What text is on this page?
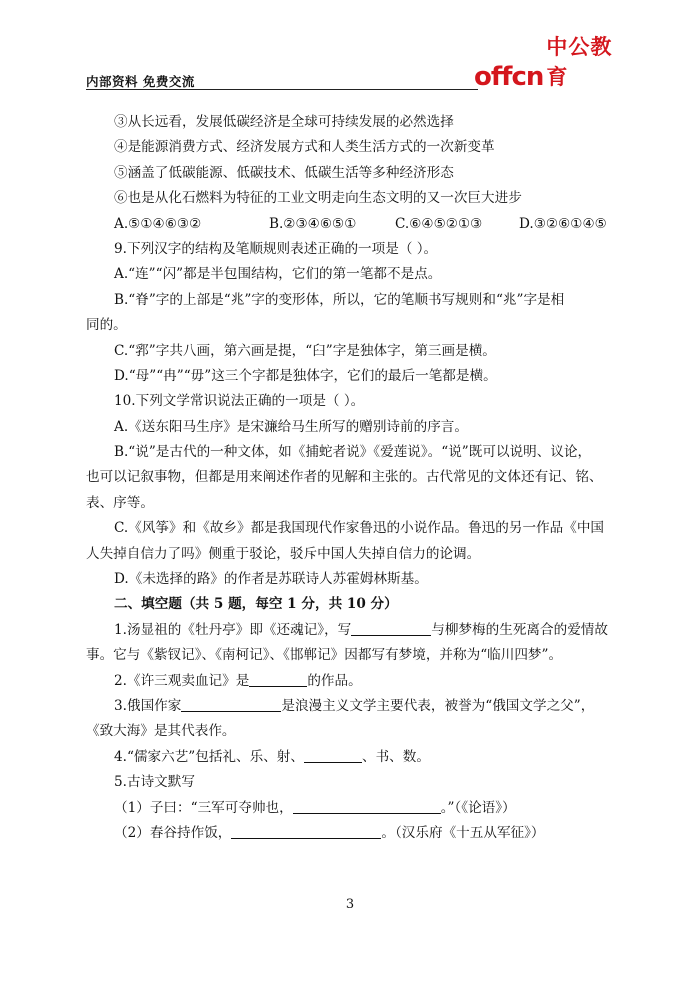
内部资料 免费交流	offcn
中公教育
③从长远看，发展低碳经济是全球可持续发展的必然选择
④是能源消费方式、经济发展方式和人类生活方式的一次新变革
⑤涵盖了低碳能源、低碳技术、低碳生活等多种经济形态
⑥也是从化石燃料为特征的工业文明走向生态文明的又一次巨大进步
A.⑤①④⑥③②	B.②③④⑥⑤①	C.⑥④⑤②①③	D.③②⑥①④⑤
9.下列汉字的结构及笔顺规则表述正确的一项是（ ）。
A.“连”“闪”都是半包围结构，它们的第一笔都不是点。
B.“脊”字的上部是“兆”字的变形体，所以，它的笔顺书写规则和“兆”字是相
同的。
C.“郛”字共八画，第六画是提，“臼”字是独体字，第三画是横。
D.“母”“冉”“毋”这三个字都是独体字，它们的最后一笔都是横。
10.下列文学常识说法正确的一项是（ ）。
A.《送东阳马生序》是宋濂给马生所写的赠别诗前的序言。
B.“说”是古代的一种文体，如《捕蛇者说》《爱莲说》。“说”既可以说明、议论，
也可以记叙事物，但都是用来阐述作者的见解和主张的。古代常见的文体还有记、铭、
表、序等。
C.《风筝》和《故乡》都是我国现代作家鲁迅的小说作品。鲁迅的另一作品《中国
人失掉自信力了吗》侧重于驳论，驳斥中国人失掉自信力的论调。
D.《未选择的路》的作者是苏联诗人苏霍姆林斯基。
二、填空题（共 5 题，每空 1 分，共 10 分）
1.汤显祖的《牡丹亭》即《还魂记》，写	与柳梦梅的生死离合的爱情故
事。它与《紫钗记》、《南柯记》、《邯郸记》因都写有梦境，并称为“临川四梦”。
2.《许三观卖血记》是	的作品。
3.俄国作家	是浪漫主义文学主要代表，被誉为“俄国文学之父”，
《致大海》是其代表作。
4.“儒家六艺”包括礼、乐、射、	、书、数。
5.古诗文默写
（1）子曰：“三军可夺帅也，	。”（《论语》）
（2）春谷持作饭，	。（汉乐府《十五从军征》）
3
